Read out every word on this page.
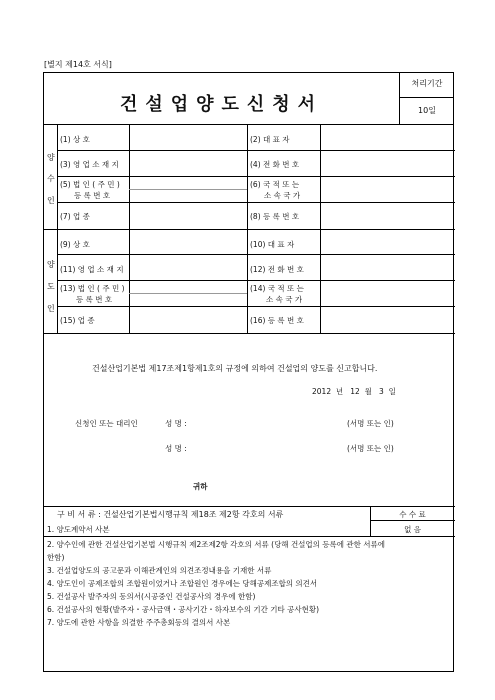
[별지 제14호 서식]
건설업양도신청서
처리기간
10일
양
수
인
양
도
인
(1) 상 호	(2) 대 표 자
(3) 영 업 소 재 지	(4) 전 화 번 호
(5) 법 인 ( 주 민 )
등 록 번 호
(6) 국 적 또 는
소 속 국 가
(7) 업 종	(8) 등 록 번 호
(9) 상 호	(10) 대 표 자
(11) 영 업 소 재 지	(12) 전 화 번 호
(13) 법 인 ( 주 민 )
등 록 번 호
(14) 국 적 또 는
소 속 국 가
(15) 업 종	(16) 등 록 번 호
건설산업기본법 제17조제1항제1호의 규정에 의하여 건설업의 양도를 신고합니다.
2012 년 12 월 3 일
신청인 또는 대리인	성 명 :	(서명 또는 인)
성 명 :	(서명 또는 인)
귀하
구 비 서 류 : 건설산업기본법시행규칙 제18조 제2항 각호의 서류	수 수 료
없 음
1. 양도계약서 사본
2. 양수인에 관한 건설산업기본법 시행규칙 제2조제2항 각호의 서류 (당해 건설업의 등록에 관한 서류에
한함)
3. 건설업양도의 공고문과 이해관계인의 의견조정내용을 기재한 서류
4. 양도인이 공제조합의 조합원이었거나 조합원인 경우에는 당해공제조합의 의견서
5. 건설공사 발주자의 동의서(시공중인 건설공사의 경우에 한함)
6. 건설공사의 현황(발주자・공사금액・공사기간・하자보수의 기간 기타 공사현황)
7. 양도에 관한 사항을 의결한 주주총회등의 결의서 사본
